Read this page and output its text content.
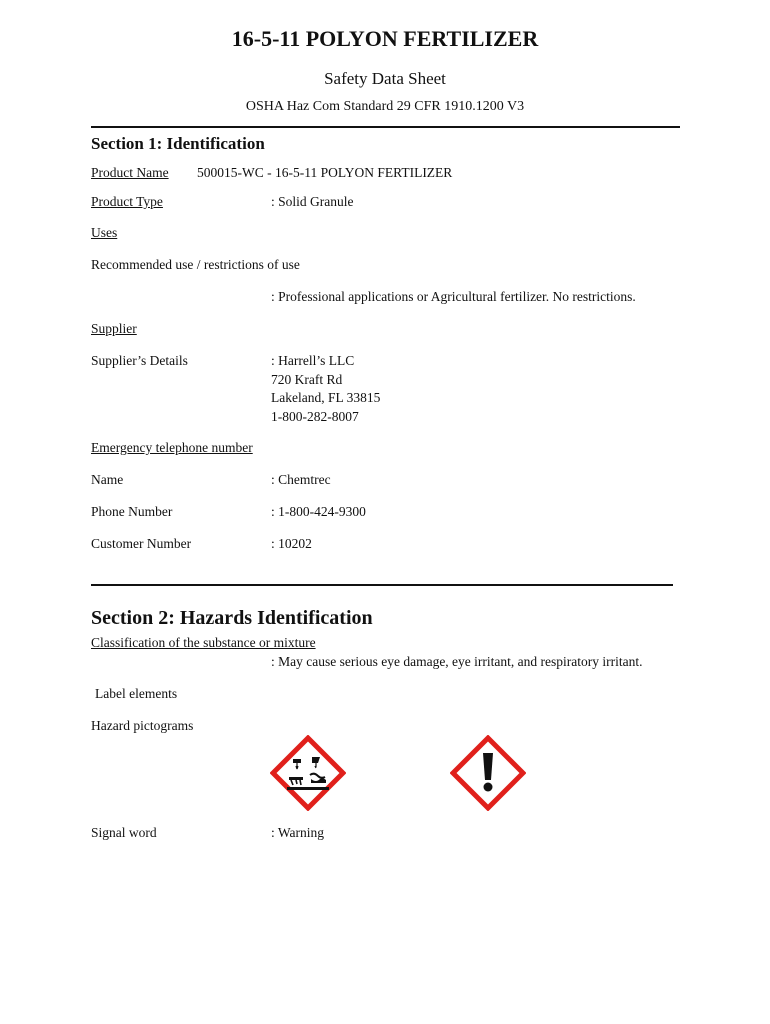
16-5-11 POLYON FERTILIZER
Safety Data Sheet
OSHA Haz Com Standard 29 CFR 1910.1200 V3
Section 1: Identification
Product Name 500015-WC - 16-5-11 POLYON FERTILIZER
Product Type	: Solid Granule
Uses
Recommended use / restrictions of use
: Professional applications or Agricultural fertilizer. No restrictions.
Supplier
Supplier’s Details	: Harrell’s LLC
720 Kraft Rd
Lakeland, FL 33815
1-800-282-8007
Emergency telephone number
Name	: Chemtrec
Phone Number	: 1-800-424-9300
Customer Number	: 10202
Section 2: Hazards Identification
Classification of the substance or mixture
: May cause serious eye damage, eye irritant, and respiratory irritant.
Label elements
Hazard pictograms
Signal word	: Warning
